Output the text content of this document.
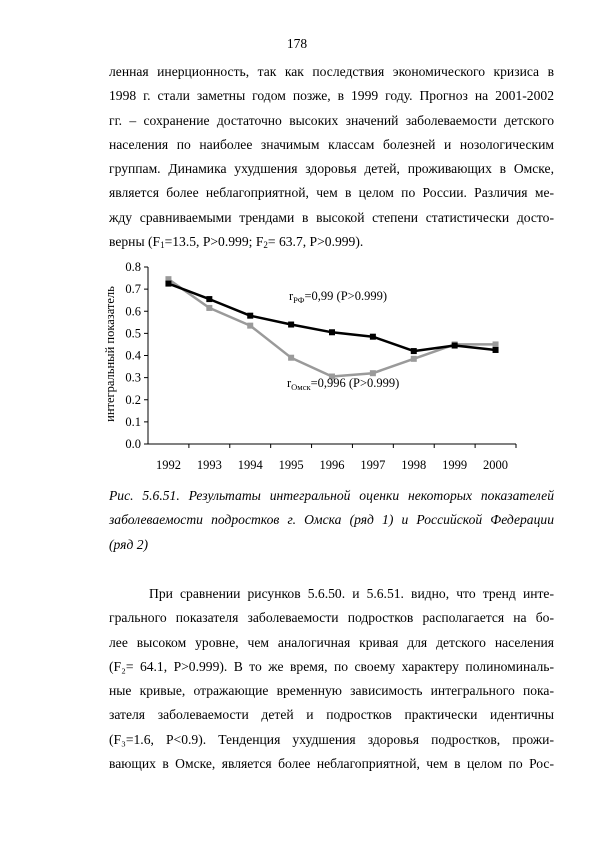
178
ленная инерционность, так как последствия экономического кризиса в
1998 г. стали заметны годом позже, в 1999 году. Прогноз на 2001-2002
гг. – сохранение достаточно высоких значений заболеваемости детского
населения по наиболее значимым классам болезней и нозологическим
группам. Динамика ухудшения здоровья детей, проживающих в Омске,
является более неблагоприятной, чем в целом по России. Различия ме-
жду сравниваемыми трендами в высокой степени статистически досто-
верны ($F_1=13.5$, P>0.999; $F_2= 63.7$, P>0.999).
0.0
0.1
0.2
0.3
0.4
0.5
0.6
0.7
0.8
1992 1993 1994 1995 1996 1997 1998 1999 2000
интегральный показатель	$r_{РФ}=0,99$ (P>0.999)
$r_{Омск}=0,996$ (P>0.999)
Рис. 5.6.51. Результаты интегральной оценки некоторых показателей
заболеваемости подростков г. Омска (ряд 1) и Российской Федерации
(ряд 2)
При сравнении рисунков 5.6.50. и 5.6.51. видно, что тренд инте-
грального показателя заболеваемости подростков располагается на бо-
лее высоком уровне, чем аналогичная кривая для детского населения
(F₂= 64.1, P>0.999). В то же время, по своему характеру полиноминаль-
ные кривые, отражающие временную зависимость интегрального пока-
зателя заболеваемости детей и подростков практически идентичны
(F₃=1.6, P<0.9). Тенденция ухудшения здоровья подростков, прожи-
вающих в Омске, является более неблагоприятной, чем в целом по Рос-
